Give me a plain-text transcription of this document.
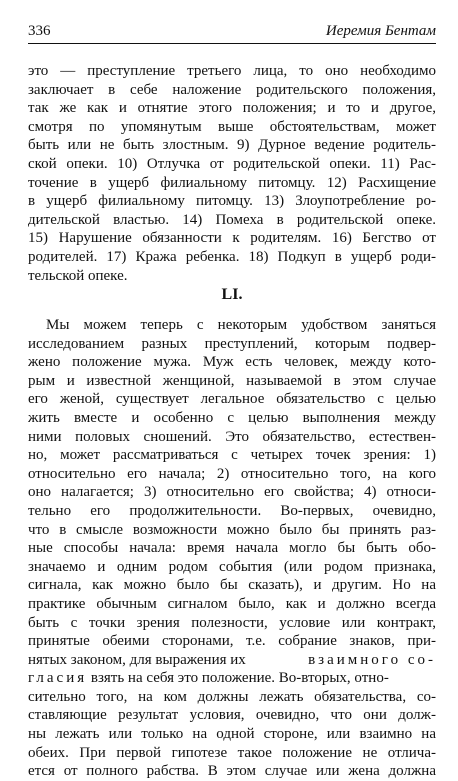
336	Иеремия Бентам
это — преступление третьего лица, то оно необходимо
заключает в себе наложение родительского положения,
так же как и отнятие этого положения; и то и другое,
смотря по упомянутым выше обстоятельствам, может
быть или не быть злостным. 9) Дурное ведение родитель-
ской опеки. 10) Отлучка от родительской опеки. 11) Рас-
точение в ущерб филиальному питомцу. 12) Расхищение
в ущерб филиальному питомцу. 13) Злоупотребление ро-
дительской властью. 14) Помеха в родительской опеке.
15) Нарушение обязанности к родителям. 16) Бегство от
родителей. 17) Кража ребенка. 18) Подкуп в ущерб роди-
тельской опеке.
LI.
Мы можем теперь с некоторым удобством заняться
исследованием разных преступлений, которым подвер-
жено положение мужа. Муж есть человек, между кото-
рым и известной женщиной, называемой в этом случае
его женой, существует легальное обязательство с целью
жить вместе и особенно с целью выполнения между
ними половых сношений. Это обязательство, естествен-
но, может рассматриваться с четырех точек зрения: 1)
относительно его начала; 2) относительно того, на кого
оно налагается; 3) относительно его свойства; 4) относи-
тельно его продолжительности. Во-первых, очевидно,
что в смысле возможности можно было бы принять раз-
ные способы начала: время начала могло бы быть обо-
значаемо и одним родом события (или родом признака,
сигнала, как можно было бы сказать), и другим. Но на
практике обычным сигналом было, как и должно всегда
быть с точки зрения полезности, условие или контракт,
принятые обеими сторонами, т.е. собрание знаков, при-
нятых законом, для выражения их	взаимного со-
гласия взять на себя это положение. Во-вторых, отно-
сительно того, на ком должны лежать обязательства, со-
ставляющие результат условия, очевидно, что они долж-
ны лежать или только на одной стороне, или взаимно на
обеих. При первой гипотезе такое положение не отлича-
ется от полного рабства. В этом случае или жена должна
